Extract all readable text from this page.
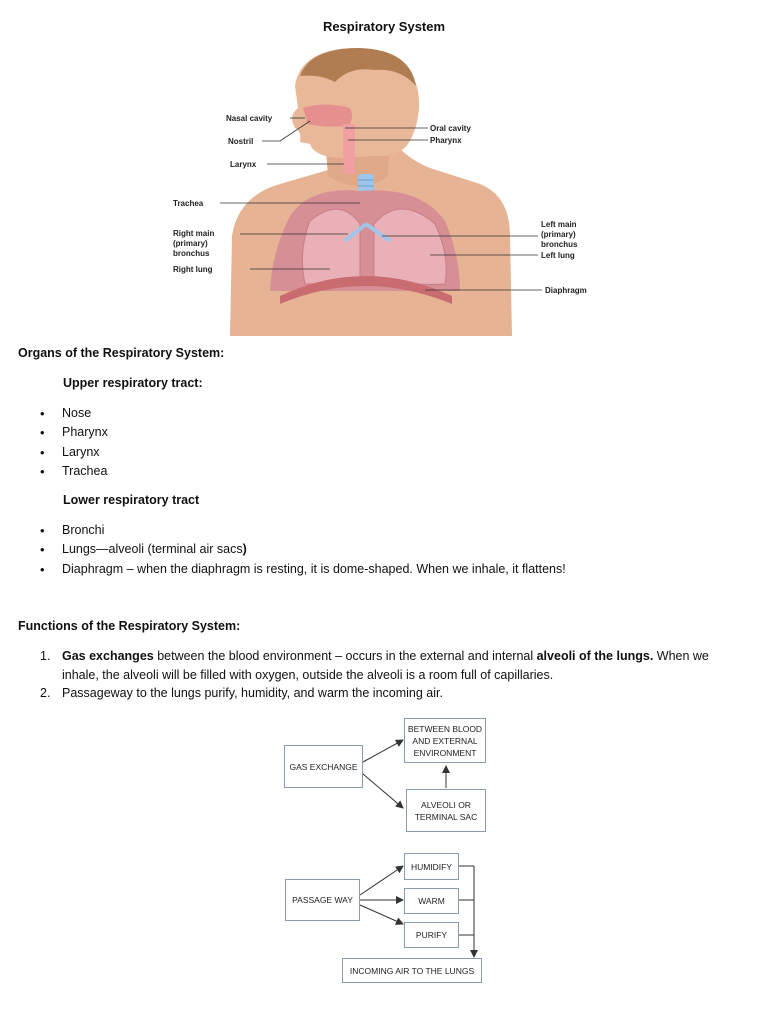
Respiratory System
Nasal cavity
Nostril
Larynx
Trachea
Right main
(primary)
bronchus
Right lung
Oral cavity
Pharynx
Left main
(primary)
bronchus
Left lung
Diaphragm
Organs of the Respiratory System:
Upper respiratory tract:
• Nose
• Pharynx
• Larynx
• Trachea
Lower respiratory tract
• Bronchi
• Lungs—alveoli (terminal air sacs)
• Diaphragm – when the diaphragm is resting, it is dome-shaped. When we inhale, it flattens!
Functions of the Respiratory System:
1. Gas exchanges between the blood environment – occurs in the external and internal alveoli of the lungs. When we inhale, the alveoli will be filled with oxygen, outside the alveoli is a room full of capillaries.
2. Passageway to the lungs purify, humidity, and warm the incoming air.
GAS EXCHANGE
BETWEEN BLOOD
AND EXTERNAL
ENVIRONMENT
ALVEOLI OR
TERMINAL SAC
PASSAGE WAY
HUMIDIFY
WARM
PURIFY
INCOMING AIR TO THE LUNGS
